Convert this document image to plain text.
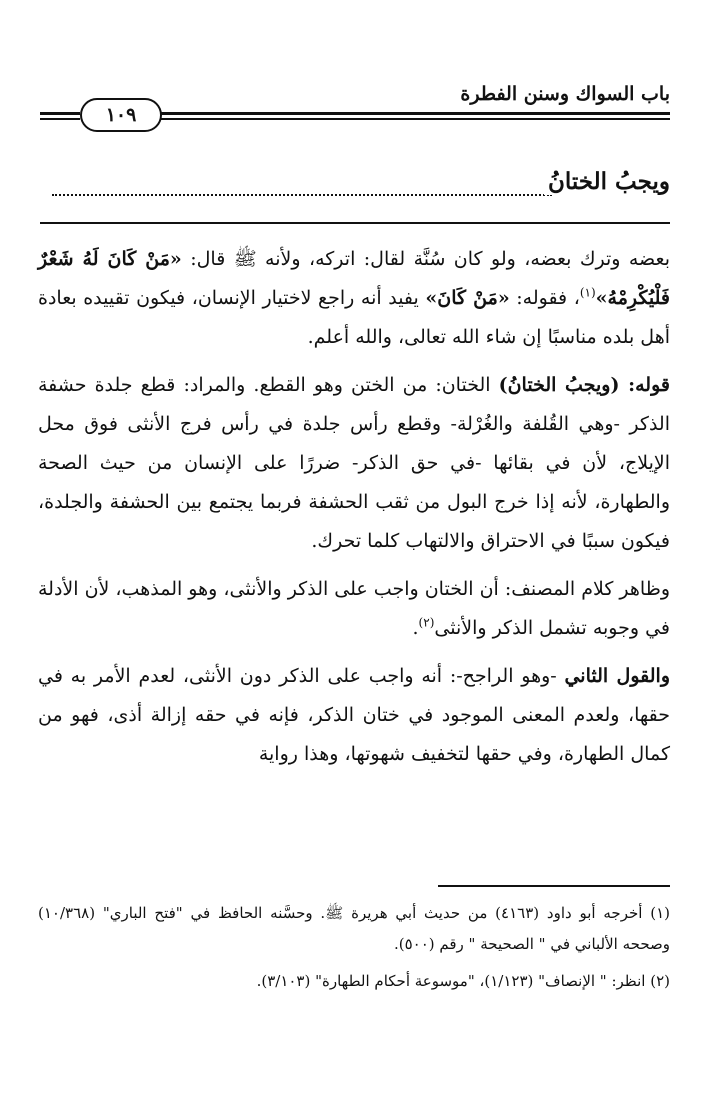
باب السواك وسنن الفطرة
١٠٩
ويجبُ الختانُ

بعضه وترك بعضه، ولو كان سُنَّة لقال: اتركه، ولأنه ﷺ قال: «مَنْ كَانَ لَهُ شَعْرٌ فَلْيُكْرِمْهُ»$^{(١)}$، فقوله: «مَنْ كَانَ» يفيد أنه راجع لاختيار الإنسان، فيكون تقييده بعادة أهل بلده مناسبًا إن شاء الله تعالى، والله أعلم.

قوله: (ويجبُ الختانُ) الختان: من الختن وهو القطع. والمراد: قطع جلدة حشفة الذكر -وهي القُلفة والغُرْلة- وقطع رأس جلدة في رأس فرج الأنثى فوق محل الإيلاج، لأن في بقائها -في حق الذكر- ضررًا على الإنسان من حيث الصحة والطهارة، لأنه إذا خرج البول من ثقب الحشفة فربما يجتمع بين الحشفة والجلدة، فيكون سببًا في الاحتراق والالتهاب كلما تحرك.

وظاهر كلام المصنف: أن الختان واجب على الذكر والأنثى، وهو المذهب، لأن الأدلة في وجوبه تشمل الذكر والأنثى$^{(٢)}$.

والقول الثاني -وهو الراجح-: أنه واجب على الذكر دون الأنثى، لعدم الأمر به في حقها، ولعدم المعنى الموجود في ختان الذكر، فإنه في حقه إزالة أذى، فهو من كمال الطهارة، وفي حقها لتخفيف شهوتها، وهذا رواية

(١) أخرجه أبو داود (٤١٦٣) من حديث أبي هريرة ﷺ. وحسَّنه الحافظ في "فتح الباري" (١٠/٣٦٨) وصححه الألباني في " الصحيحة " رقم (٥٠٠).

(٢) انظر: " الإنصاف" (١/١٢٣)، "موسوعة أحكام الطهارة" (٣/١٠٣).
